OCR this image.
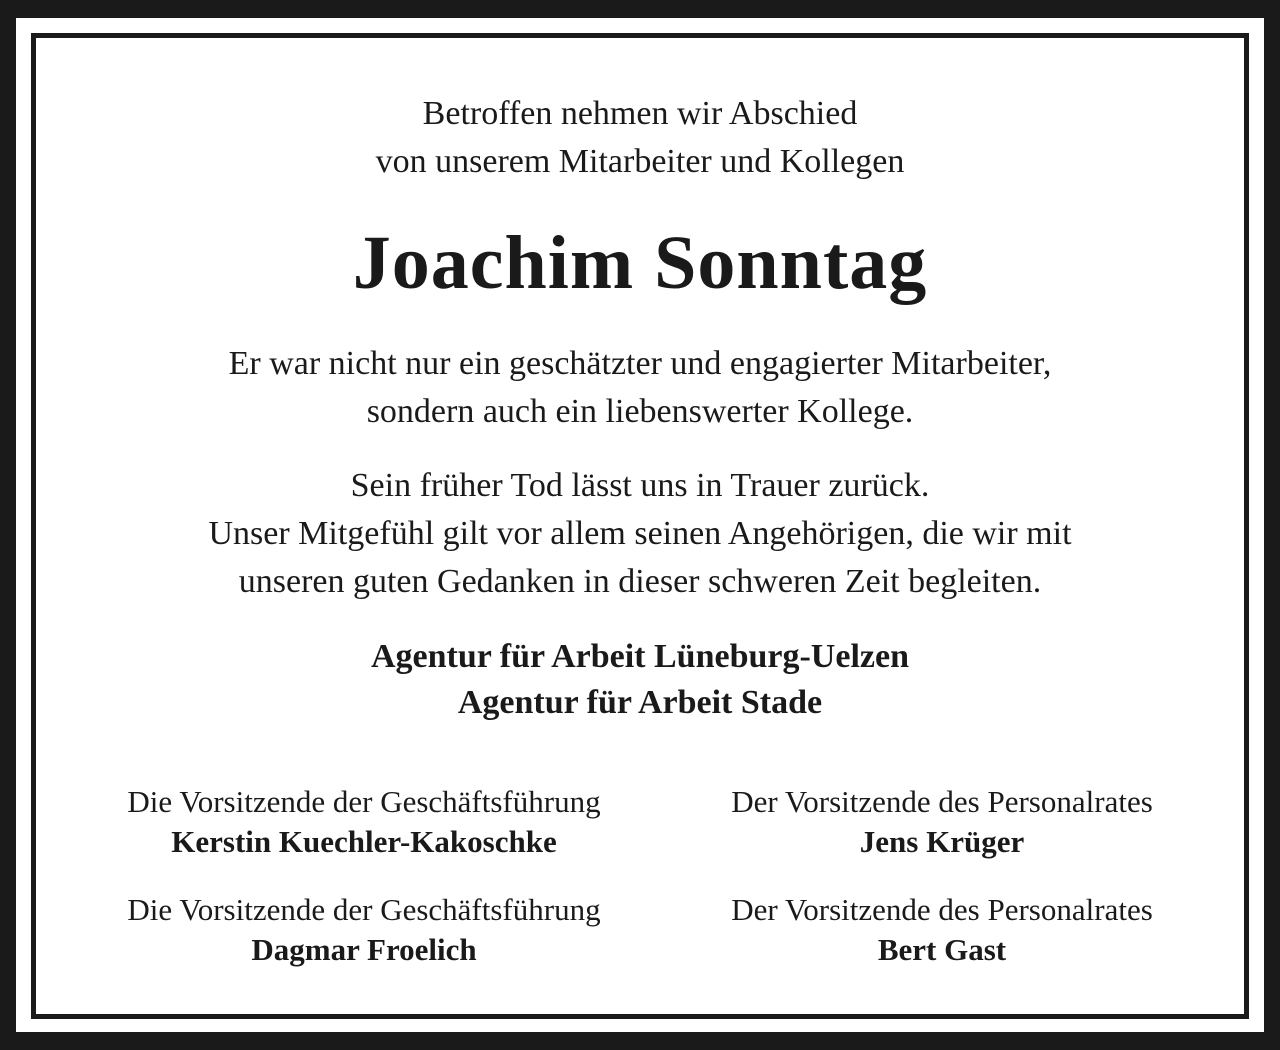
Betroffen nehmen wir Abschied
von unserem Mitarbeiter und Kollegen
Joachim Sonntag
Er war nicht nur ein geschätzter und engagierter Mitarbeiter,
sondern auch ein liebenswerter Kollege.
Sein früher Tod lässt uns in Trauer zurück.
Unser Mitgefühl gilt vor allem seinen Angehörigen, die wir mit
unseren guten Gedanken in dieser schweren Zeit begleiten.
Agentur für Arbeit Lüneburg-Uelzen
Agentur für Arbeit Stade
Die Vorsitzende der Geschäftsführung
Kerstin Kuechler-Kakoschke
Der Vorsitzende des Personalrates
Jens Krüger
Die Vorsitzende der Geschäftsführung
Dagmar Froelich
Der Vorsitzende des Personalrates
Bert Gast
